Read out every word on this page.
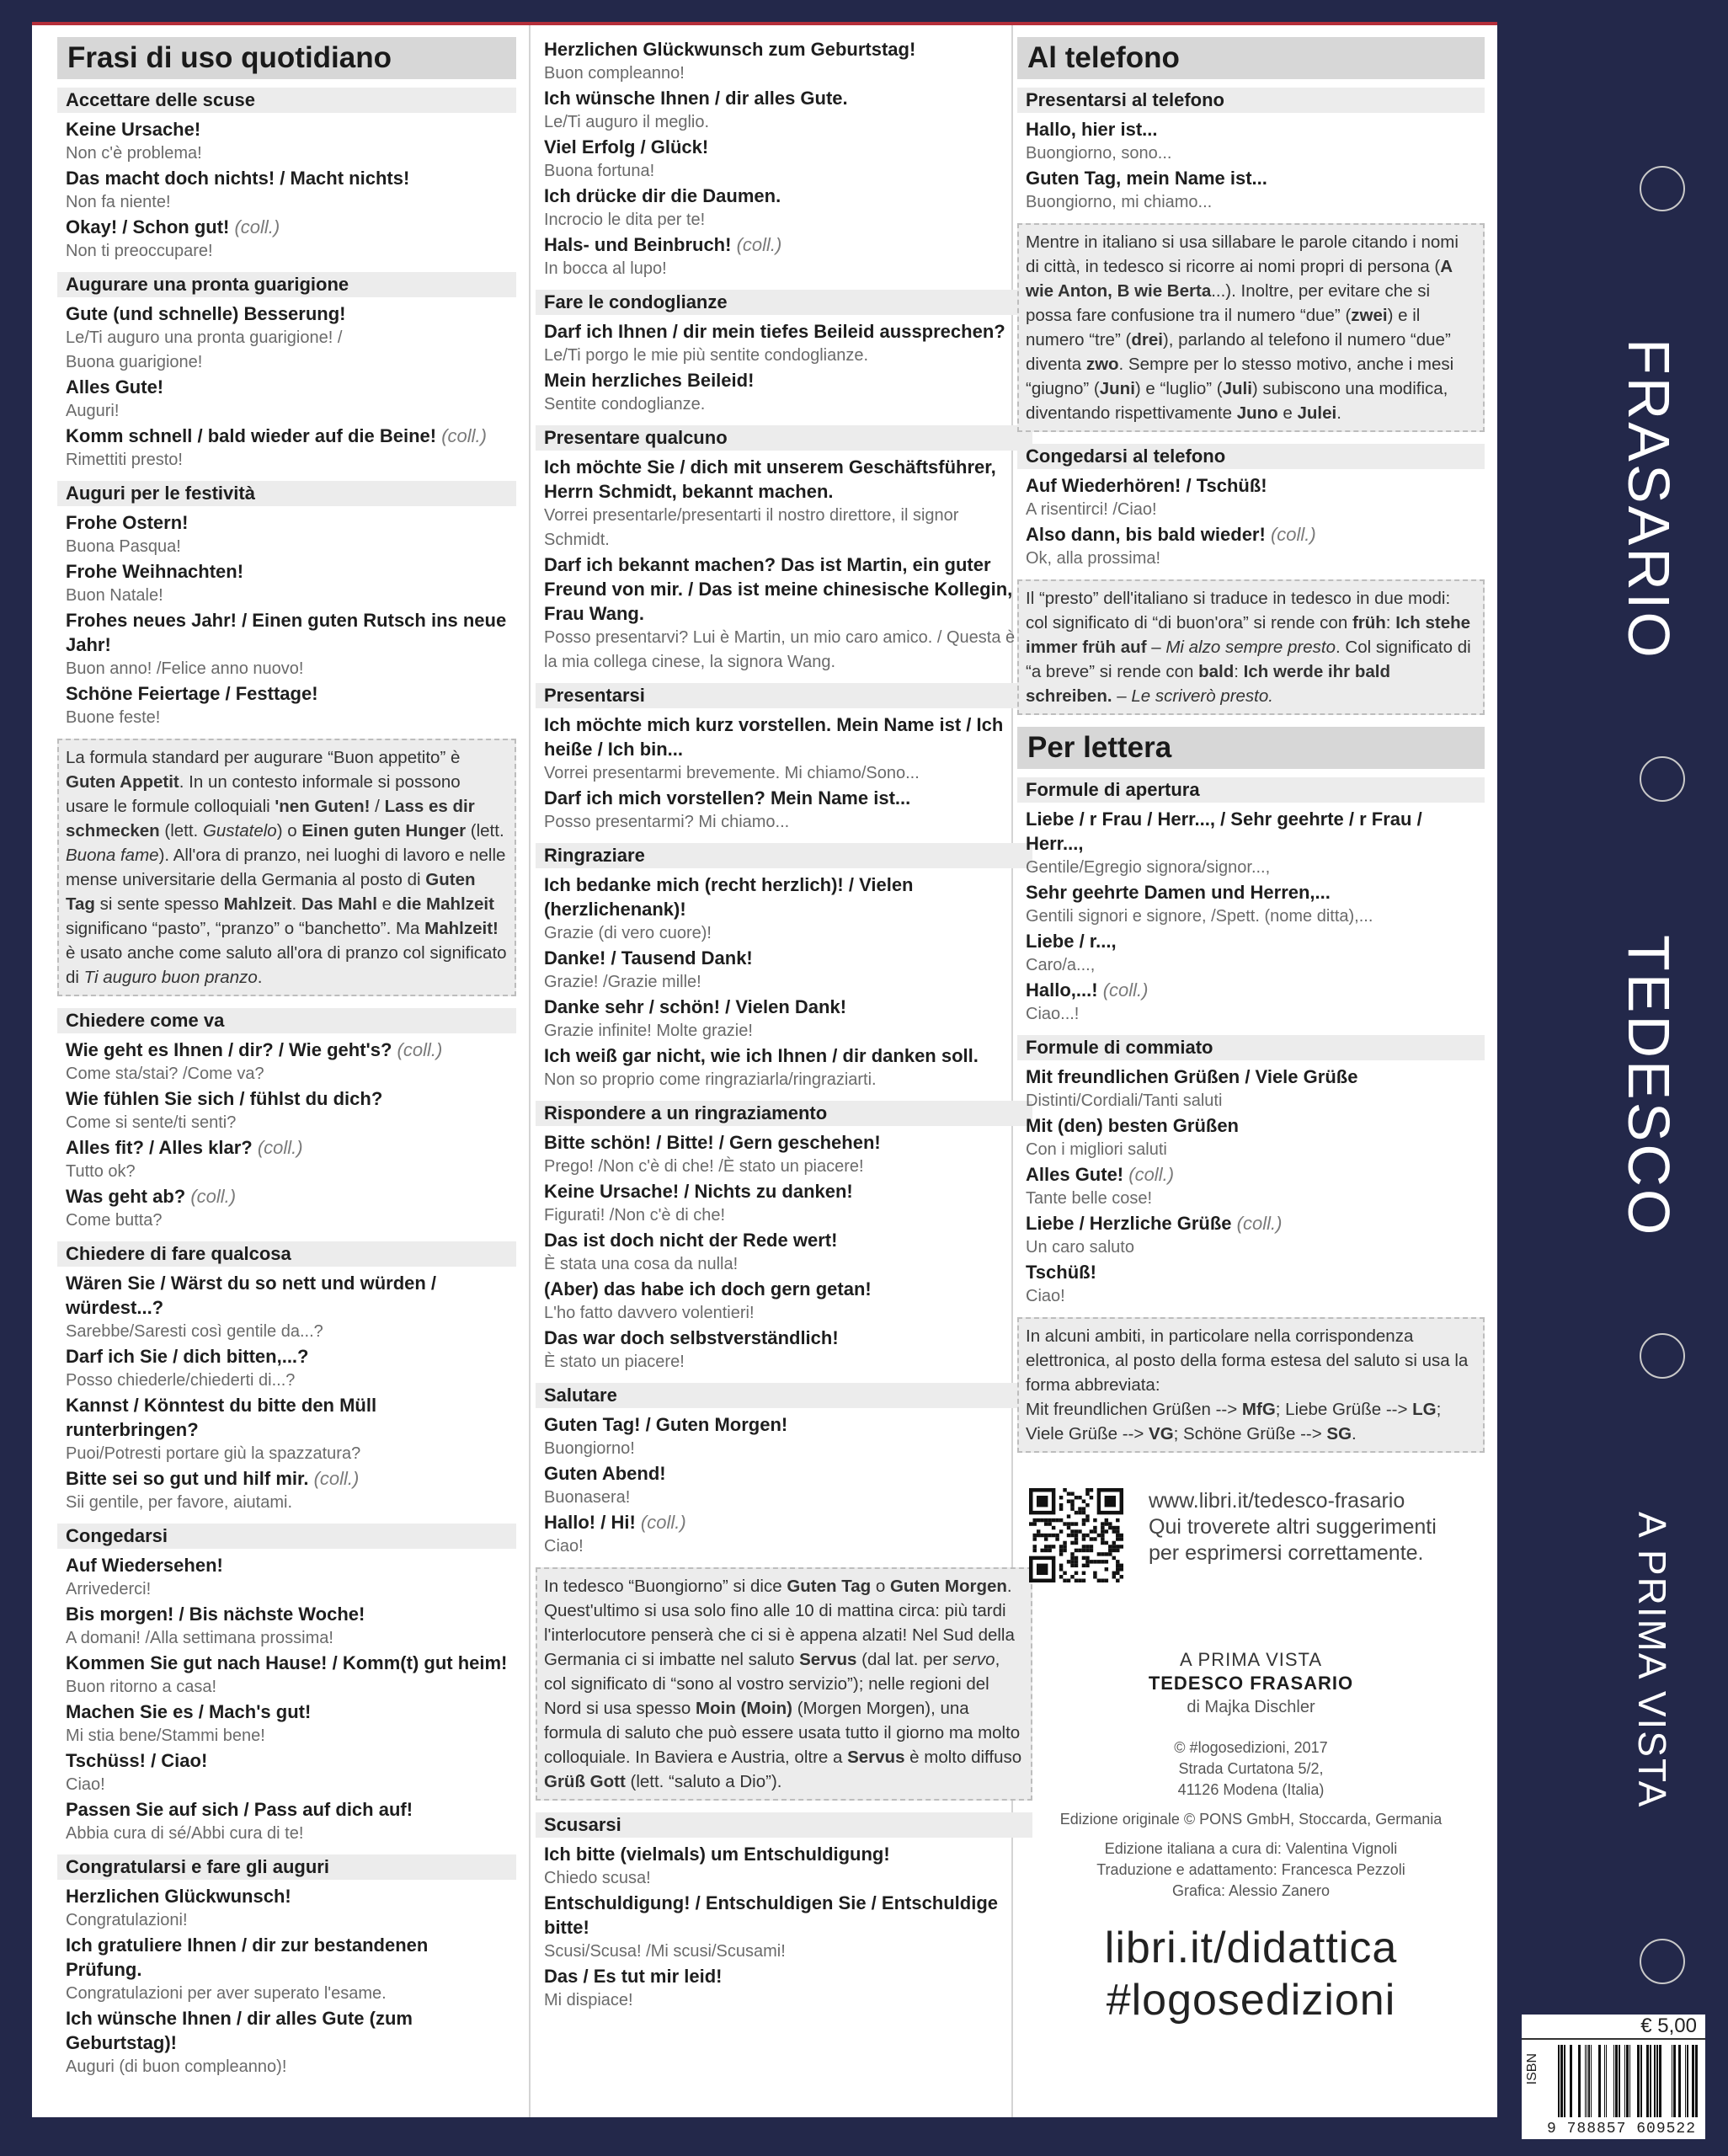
Frasi di uso quotidiano
Accettare delle scuse
Keine Ursache!
Non c'è problema!
Das macht doch nichts! / Macht nichts!
Non fa niente!
Okay! / Schon gut! (coll.)
Non ti preoccupare!
Augurare una pronta guarigione
Gute (und schnelle) Besserung!
Le/Ti auguro una pronta guarigione! /
Buona guarigione!
Alles Gute!
Auguri!
Komm schnell / bald wieder auf die Beine! (coll.)
Rimettiti presto!
Auguri per le festività
Frohe Ostern!
Buona Pasqua!
Frohe Weihnachten!
Buon Natale!
Frohes neues Jahr! / Einen guten Rutsch ins neue Jahr!
Buon anno! /Felice anno nuovo!
Schöne Feiertage / Festtage!
Buone feste!
La formula standard per augurare “Buon appetito” è Guten Appetit. In un contesto informale si possono usare le formule colloquiali 'nen Guten! / Lass es dir schmecken (lett. Gustatelo) o Einen guten Hunger (lett. Buona fame). All'ora di pranzo, nei luoghi di lavoro e nelle mense universitarie della Germania al posto di Guten Tag si sente spesso Mahlzeit. Das Mahl e die Mahlzeit significano “pasto”, “pranzo” o “banchetto”. Ma Mahlzeit! è usato anche come saluto all'ora di pranzo col significato di Ti auguro buon pranzo.
Chiedere come va
Wie geht es Ihnen / dir? / Wie geht's? (coll.)
Come sta/stai? /Come va?
Wie fühlen Sie sich / fühlst du dich?
Come si sente/ti senti?
Alles fit? / Alles klar? (coll.)
Tutto ok?
Was geht ab? (coll.)
Come butta?
Chiedere di fare qualcosa
Wären Sie / Wärst du so nett und würden / würdest...?
Sarebbe/Saresti così gentile da...?
Darf ich Sie / dich bitten,...?
Posso chiederle/chiederti di...?
Kannst / Könntest du bitte den Müll runterbringen?
Puoi/Potresti portare giù la spazzatura?
Bitte sei so gut und hilf mir. (coll.)
Sii gentile, per favore, aiutami.
Congedarsi
Auf Wiedersehen!
Arrivederci!
Bis morgen! / Bis nächste Woche!
A domani! /Alla settimana prossima!
Kommen Sie gut nach Hause! / Komm(t) gut heim!
Buon ritorno a casa!
Machen Sie es / Mach's gut!
Mi stia bene/Stammi bene!
Tschüss! / Ciao!
Ciao!
Passen Sie auf sich / Pass auf dich auf!
Abbia cura di sé/Abbi cura di te!
Congratularsi e fare gli auguri
Herzlichen Glückwunsch!
Congratulazioni!
Ich gratuliere Ihnen / dir zur bestandenen Prüfung.
Congratulazioni per aver superato l'esame.
Ich wünsche Ihnen / dir alles Gute (zum Geburtstag)!
Auguri (di buon compleanno)!
Herzlichen Glückwunsch zum Geburtstag!
Buon compleanno!
Ich wünsche Ihnen / dir alles Gute.
Le/Ti auguro il meglio.
Viel Erfolg / Glück!
Buona fortuna!
Ich drücke dir die Daumen.
Incrocio le dita per te!
Hals- und Beinbruch! (coll.)
In bocca al lupo!
Fare le condoglianze
Darf ich Ihnen / dir mein tiefes Beileid aussprechen?
Le/Ti porgo le mie più sentite condoglianze.
Mein herzliches Beileid!
Sentite condoglianze.
Presentare qualcuno
Ich möchte Sie / dich mit unserem Geschäftsführer, Herrn Schmidt, bekannt machen.
Vorrei presentarle/presentarti il nostro direttore, il signor Schmidt.
Darf ich bekannt machen? Das ist Martin, ein guter Freund von mir. / Das ist meine chinesische Kollegin, Frau Wang.
Posso presentarvi? Lui è Martin, un mio caro amico. / Questa è la mia collega cinese, la signora Wang.
Presentarsi
Ich möchte mich kurz vorstellen. Mein Name ist / Ich heiße / Ich bin...
Vorrei presentarmi brevemente. Mi chiamo/Sono...
Darf ich mich vorstellen? Mein Name ist...
Posso presentarmi? Mi chiamo...
Ringraziare
Ich bedanke mich (recht herzlich)! / Vielen (herzlichenank)!
Grazie (di vero cuore)!
Danke! / Tausend Dank!
Grazie! /Grazie mille!
Danke sehr / schön! / Vielen Dank!
Grazie infinite! Molte grazie!
Ich weiß gar nicht, wie ich Ihnen / dir danken soll.
Non so proprio come ringraziarla/ringraziarti.
Rispondere a un ringraziamento
Bitte schön! / Bitte! / Gern geschehen!
Prego! /Non c'è di che! /È stato un piacere!
Keine Ursache! / Nichts zu danken!
Figurati! /Non c'è di che!
Das ist doch nicht der Rede wert!
È stata una cosa da nulla!
(Aber) das habe ich doch gern getan!
L'ho fatto davvero volentieri!
Das war doch selbstverständlich!
È stato un piacere!
Salutare
Guten Tag! / Guten Morgen!
Buongiorno!
Guten Abend!
Buonasera!
Hallo! / Hi! (coll.)
Ciao!
In tedesco “Buongiorno” si dice Guten Tag o Guten Morgen. Quest'ultimo si usa solo fino alle 10 di mattina circa: più tardi l'interlocutore penserà che ci si è appena alzati! Nel Sud della Germania ci si imbatte nel saluto Servus (dal lat. per servo, col significato di “sono al vostro servizio”); nelle regioni del Nord si usa spesso Moin (Moin) (Morgen Morgen), una formula di saluto che può essere usata tutto il giorno ma molto colloquiale. In Baviera e Austria, oltre a Servus è molto diffuso Grüß Gott (lett. “saluto a Dio”).
Scusarsi
Ich bitte (vielmals) um Entschuldigung!
Chiedo scusa!
Entschuldigung! / Entschuldigen Sie / Entschuldige bitte!
Scusi/Scusa! /Mi scusi/Scusami!
Das / Es tut mir leid!
Mi dispiace!
Al telefono
Presentarsi al telefono
Hallo, hier ist...
Buongiorno, sono...
Guten Tag, mein Name ist...
Buongiorno, mi chiamo...
Mentre in italiano si usa sillabare le parole citando i nomi di città, in tedesco si ricorre ai nomi propri di persona (A wie Anton, B wie Berta...). Inoltre, per evitare che si possa fare confusione tra il numero “due” (zwei) e il numero “tre” (drei), parlando al telefono il numero “due” diventa zwo. Sempre per lo stesso motivo, anche i mesi “giugno” (Juni) e “luglio” (Juli) subiscono una modifica, diventando rispettivamente Juno e Julei.
Congedarsi al telefono
Auf Wiederhören! / Tschüß!
A risentirci! /Ciao!
Also dann, bis bald wieder! (coll.)
Ok, alla prossima!
Il “presto” dell'italiano si traduce in tedesco in due modi: col significato di “di buon'ora” si rende con früh: Ich stehe immer früh auf – Mi alzo sempre presto. Col significato di “a breve” si rende con bald: Ich werde ihr bald schreiben. – Le scriverò presto.
Per lettera
Formule di apertura
Liebe / r Frau / Herr..., / Sehr geehrte / r Frau / Herr...,
Gentile/Egregio signora/signor...,
Sehr geehrte Damen und Herren,...
Gentili signori e signore, /Spett. (nome ditta),...
Liebe / r...,
Caro/a...,
Hallo,...! (coll.)
Ciao...!
Formule di commiato
Mit freundlichen Grüßen / Viele Grüße
Distinti/Cordiali/Tanti saluti
Mit (den) besten Grüßen
Con i migliori saluti
Alles Gute! (coll.)
Tante belle cose!
Liebe / Herzliche Grüße (coll.)
Un caro saluto
Tschüß!
Ciao!
In alcuni ambiti, in particolare nella corrispondenza elettronica, al posto della forma estesa del saluto si usa la forma abbreviata:
Mit freundlichen Grüßen --> MfG; Liebe Grüße --> LG; Viele Grüße --> VG; Schöne Grüße --> SG.
www.libri.it/tedesco-frasario
Qui troverete altri suggerimenti
per esprimersi correttamente.
A PRIMA VISTA
TEDESCO FRASARIO
di Majka Dischler
© #logosedizioni, 2017
Strada Curtatona 5/2,
41126 Modena (Italia)
Edizione originale © PONS GmbH, Stoccarda, Germania
Edizione italiana a cura di: Valentina Vignoli
Traduzione e adattamento: Francesca Pezzoli
Grafica: Alessio Zanero
libri.it/didattica
#logosedizioni
FRASARIO
TEDESCO
A PRIMA VISTA
€ 5,00
ISBN
9 788857 609522
